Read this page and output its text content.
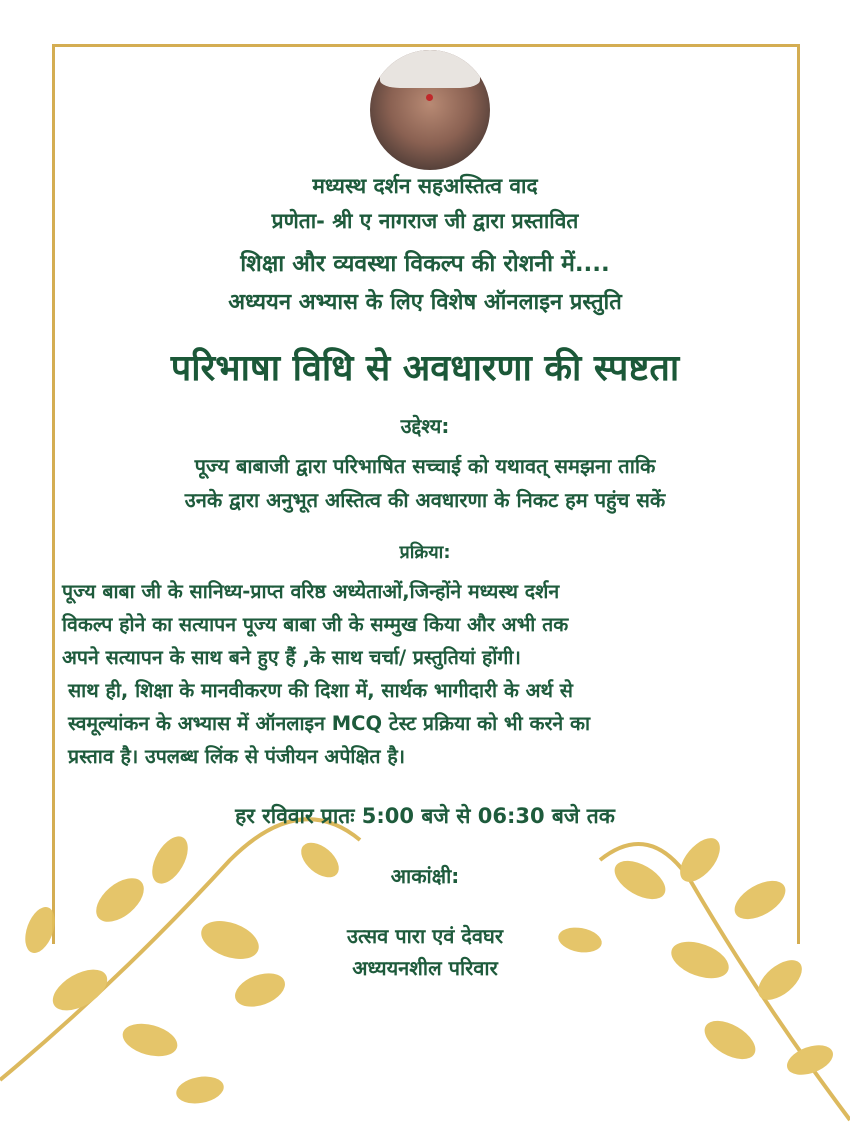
मध्यस्थ दर्शन सहअस्तित्व वाद
प्रणेता- श्री ए नागराज जी द्वारा प्रस्तावित
शिक्षा और व्यवस्था विकल्प की रोशनी में....
अध्ययन अभ्यास के लिए विशेष ऑनलाइन प्रस्तुति
परिभाषा विधि से अवधारणा की स्पष्टता
उद्देश्य:
पूज्य बाबाजी द्वारा परिभाषित सच्चाई को यथावत् समझना ताकि
उनके द्वारा अनुभूत अस्तित्व की अवधारणा के निकट हम पहुंच सकें
प्रक्रिया:
पूज्य बाबा जी के सानिध्य-प्राप्त वरिष्ठ अध्येताओं,जिन्होंने मध्यस्थ दर्शन
विकल्प होने का सत्यापन पूज्य बाबा जी के सम्मुख किया और अभी तक
अपने सत्यापन के साथ बने हुए हैं ,के साथ चर्चा/ प्रस्तुतियां होंगी।
साथ ही, शिक्षा के मानवीकरण की दिशा में, सार्थक भागीदारी के अर्थ से
स्वमूल्यांकन के अभ्यास में ऑनलाइन MCQ टेस्ट प्रक्रिया को भी करने का
प्रस्ताव है। उपलब्ध लिंक से पंजीयन अपेक्षित है।
हर रविवार प्रातः 5:00 बजे से 06:30 बजे तक
आकांक्षी:
उत्सव पारा एवं देवघर
अध्ययनशील परिवार
